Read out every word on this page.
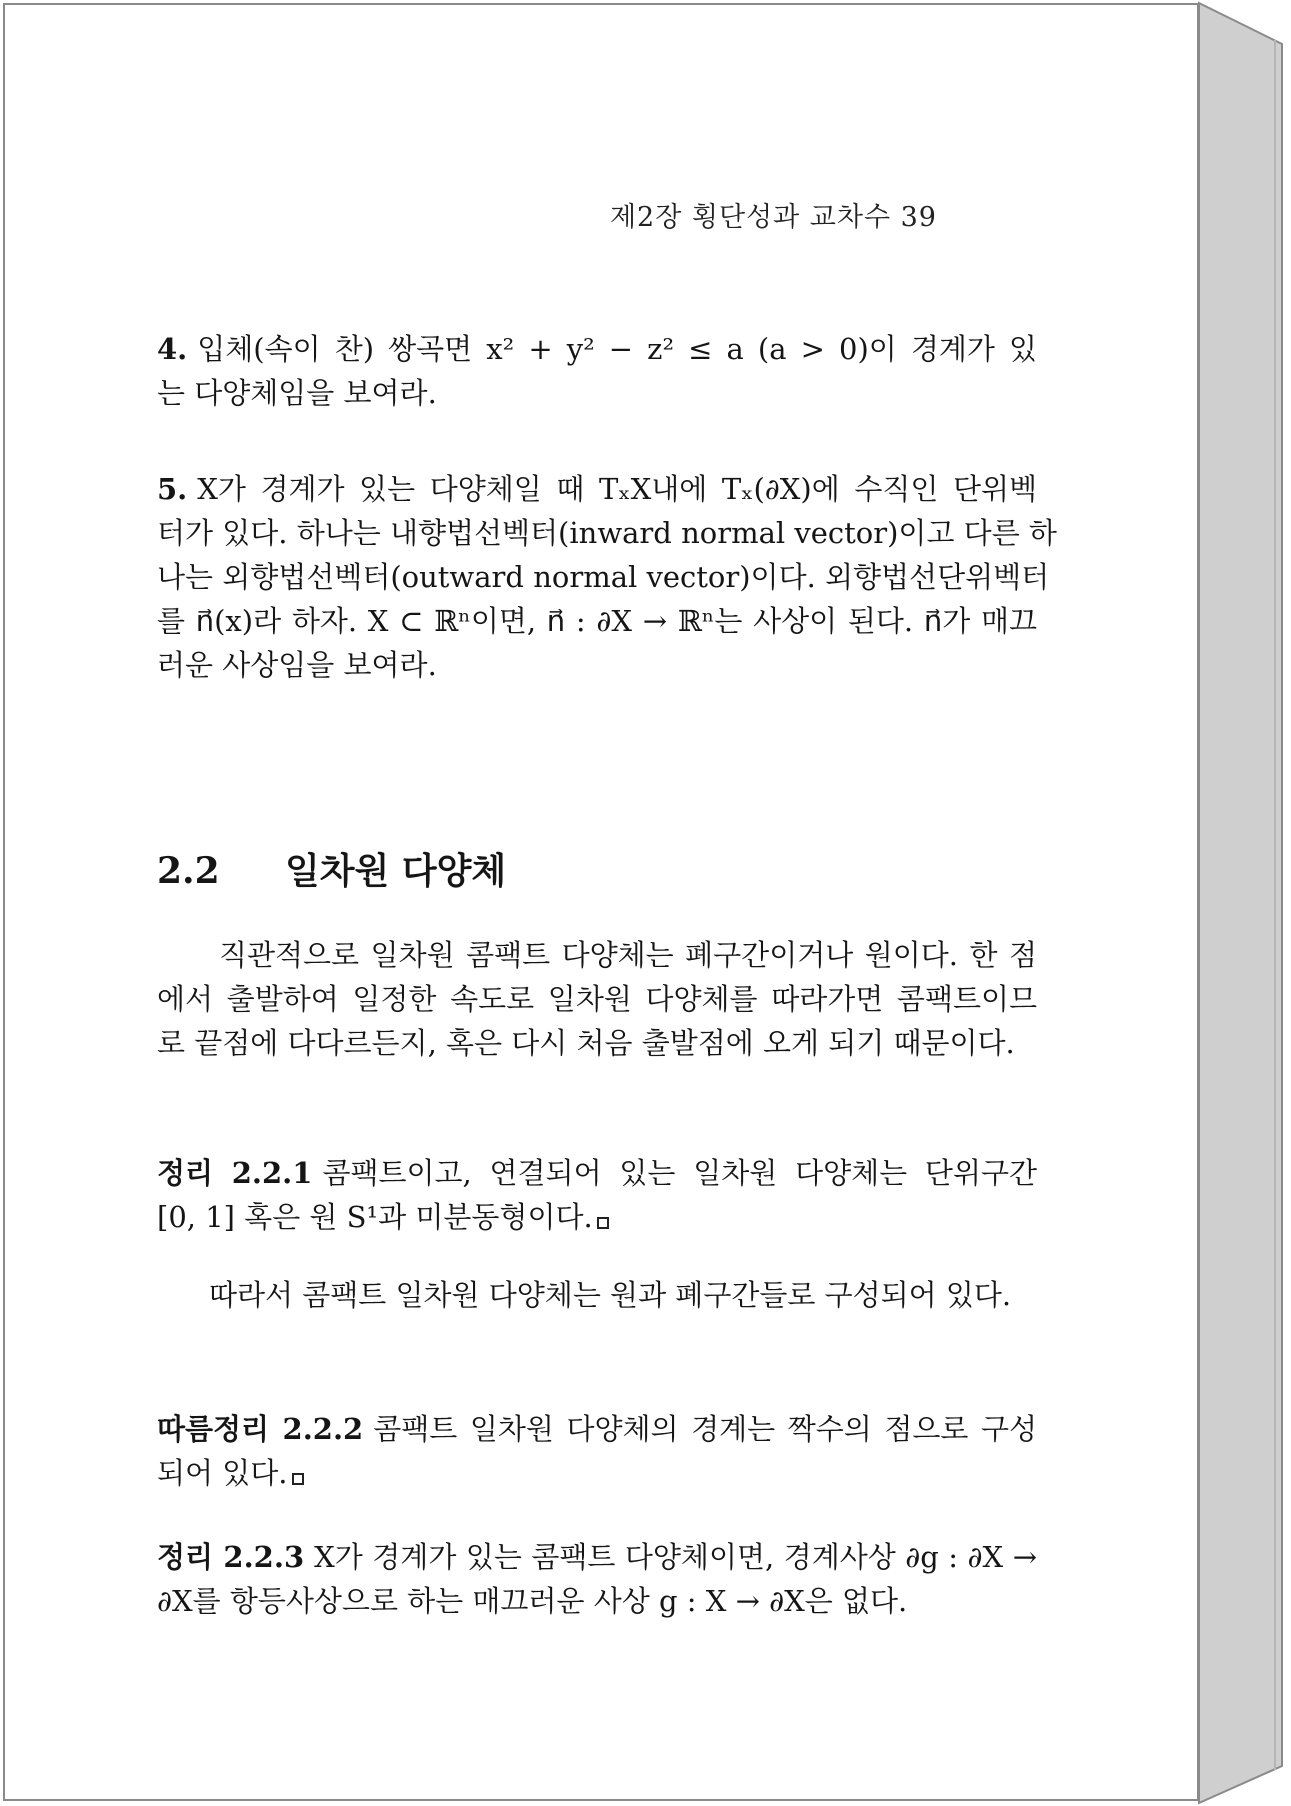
제2장 횡단성과 교차수 39
4. 입체(속이 찬) 쌍곡면 x² + y² − z² ≤ a (a > 0)이 경계가 있
는 다양체임을 보여라.
5. X가 경계가 있는 다양체일 때 TₓX내에 Tₓ(∂X)에 수직인 단위벡
터가 있다. 하나는 내향법선벡터(inward normal vector)이고 다른 하
나는 외향법선벡터(outward normal vector)이다. 외향법선단위벡터
를 n⃗(x)라 하자. X ⊂ ℝⁿ이면, n⃗ : ∂X → ℝⁿ는 사상이 된다. n⃗가 매끄
러운 사상임을 보여라.
2.2 일차원 다양체
직관적으로 일차원 콤팩트 다양체는 폐구간이거나 원이다. 한 점
에서 출발하여 일정한 속도로 일차원 다양체를 따라가면 콤팩트이므
로 끝점에 다다르든지, 혹은 다시 처음 출발점에 오게 되기 때문이다.
정리 2.2.1 콤팩트이고, 연결되어 있는 일차원 다양체는 단위구간
[0, 1] 혹은 원 S¹과 미분동형이다.
따라서 콤팩트 일차원 다양체는 원과 폐구간들로 구성되어 있다.
따름정리 2.2.2 콤팩트 일차원 다양체의 경계는 짝수의 점으로 구성
되어 있다.
정리 2.2.3 X가 경계가 있는 콤팩트 다양체이면, 경계사상 ∂g : ∂X →
∂X를 항등사상으로 하는 매끄러운 사상 g : X → ∂X은 없다.
